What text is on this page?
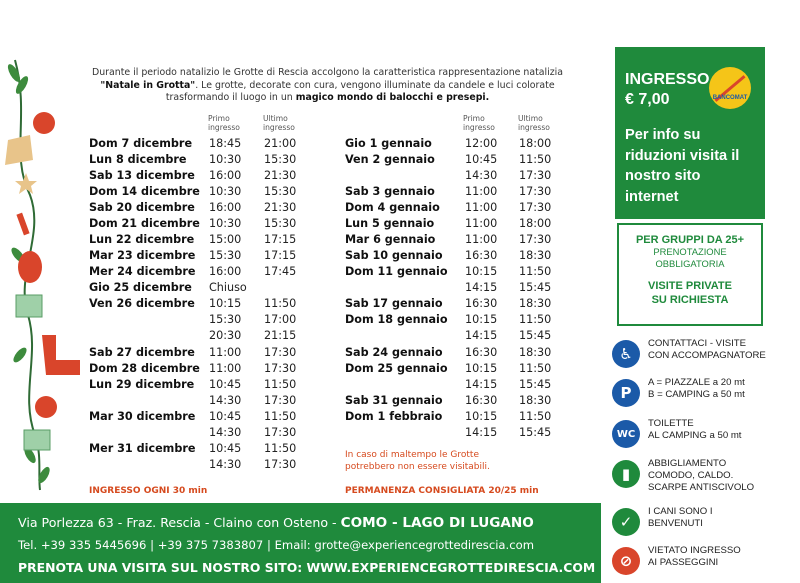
Durante il periodo natalizio le Grotte di Rescia accolgono la caratteristica rappresentazione natalizia "Natale in Grotta". Le grotte, decorate con cura, vengono illuminate da candele e luci colorate trasformando il luogo in un magico mondo di balocchi e presepi.
Primo ingresso
Ultimo ingresso
Primo ingresso
Ultimo ingresso
Dom 7 dicembre 18:45 21:00
Lun 8 dicembre 10:30 15:30
Sab 13 dicembre 16:00 21:30
Dom 14 dicembre 10:30 15:30
Sab 20 dicembre 16:00 21:30
Dom 21 dicembre 10:30 15:30
Lun 22 dicembre 15:00 17:15
Mar 23 dicembre 15:30 17:15
Mer 24 dicembre 16:00 17:45
Gio 25 dicembre Chiuso
Ven 26 dicembre 10:15 11:50
15:30 17:00
20:30 21:15
Sab 27 dicembre 11:00 17:30
Dom 28 dicembre 11:00 17:30
Lun 29 dicembre 10:45 11:50
14:30 17:30
Mar 30 dicembre 10:45 11:50
14:30 17:30
Mer 31 dicembre 10:45 11:50
14:30 17:30
Gio 1 gennaio	12:00 18:00
Ven 2 gennaio	10:45 11:50
14:30 17:30
Sab 3 gennaio	11:00 17:30
Dom 4 gennaio 11:00 17:30
Lun 5 gennaio	11:00 18:00
Mar 6 gennaio	11:00 17:30
Sab 10 gennaio 16:30 18:30
Dom 11 gennaio 10:15 11:50
14:15 15:45
Sab 17 gennaio 16:30 18:30
Dom 18 gennaio 10:15 11:50
14:15 15:45
Sab 24 gennaio 16:30 18:30
Dom 25 gennaio 10:15 11:50
14:15 15:45
Sab 31 gennaio 16:30 18:30
Dom 1 febbraio 10:15 11:50
14:15 15:45
In caso di maltempo le Grotte potrebbero non essere visitabili.
INGRESSO OGNI 30 min	PERMANENZA CONSIGLIATA 20/25 min
Via Porlezza 63 - Fraz. Rescia - Claino con Osteno - COMO - LAGO DI LUGANO
Tel. +39 335 5445696 | +39 375 7383807 | Email: grotte@experiencegrottedirescia.com
PRENOTA UNA VISITA SUL NOSTRO SITO: WWW.EXPERIENCEGROTTEDIRESCIA.COM
INGRESSO
€ 7,00	BANCOMAT
Per info su riduzioni visita il nostro sito internet
PER GRUPPI DA 25+
PRENOTAZIONE
OBBLIGATORIA
VISITE PRIVATE
SU RICHIESTA
♿
CONTATTACI - VISITE
CON ACCOMPAGNATORE
P
A = PIAZZALE a 20 mt
B = CAMPING a 50 mt
WC
TOILETTE
AL CAMPING a 50 mt
▮
ABBIGLIAMENTO
COMODO, CALDO.
SCARPE ANTISCIVOLO
✓
I CANI SONO I
BENVENUTI
⊘
VIETATO INGRESSO
AI PASSEGGINI
